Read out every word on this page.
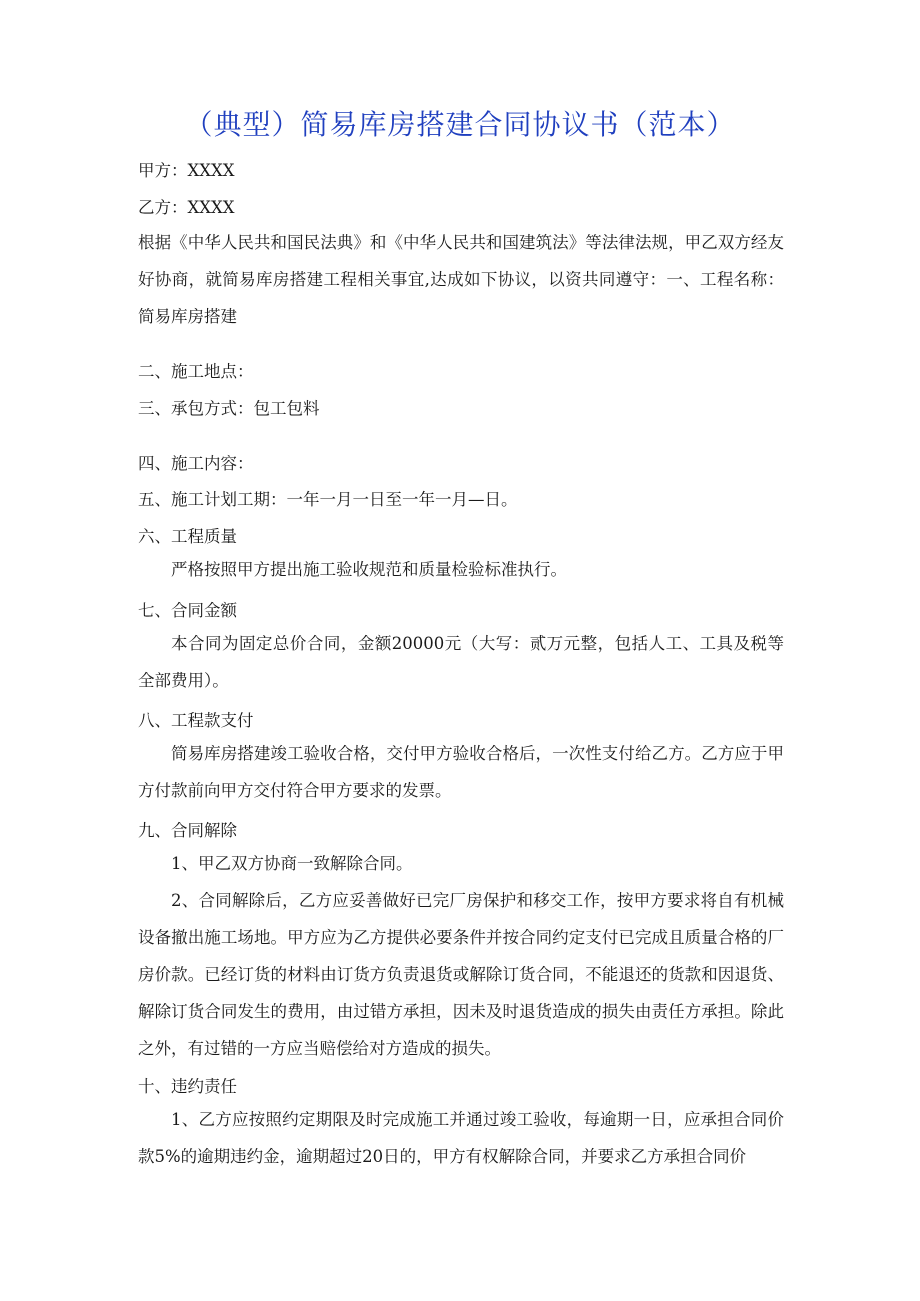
（典型）简易库房搭建合同协议书（范本）
甲方：XXXX
乙方：XXXX
根据《中华人民共和国民法典》和《中华人民共和国建筑法》等法律法规，甲乙双方经友好协商，就简易库房搭建工程相关事宜,达成如下协议，以资共同遵守：一、工程名称：简易库房搭建
二、施工地点：
三、承包方式：包工包料
四、施工内容：
五、施工计划工期：一年一月一日至一年一月—日。
六、工程质量
严格按照甲方提出施工验收规范和质量检验标准执行。
七、合同金额
本合同为固定总价合同，金额20000元（大写：贰万元整，包括人工、工具及税等全部费用）。
八、工程款支付
简易库房搭建竣工验收合格，交付甲方验收合格后，一次性支付给乙方。乙方应于甲方付款前向甲方交付符合甲方要求的发票。
九、合同解除
1、甲乙双方协商一致解除合同。
2、合同解除后，乙方应妥善做好已完厂房保护和移交工作，按甲方要求将自有机械设备撤出施工场地。甲方应为乙方提供必要条件并按合同约定支付已完成且质量合格的厂房价款。已经订货的材料由订货方负责退货或解除订货合同，不能退还的货款和因退货、解除订货合同发生的费用，由过错方承担，因未及时退货造成的损失由责任方承担。除此之外，有过错的一方应当赔偿给对方造成的损失。
十、违约责任
1、乙方应按照约定期限及时完成施工并通过竣工验收，每逾期一日，应承担合同价款5%的逾期违约金，逾期超过20日的，甲方有权解除合同，并要求乙方承担合同价
